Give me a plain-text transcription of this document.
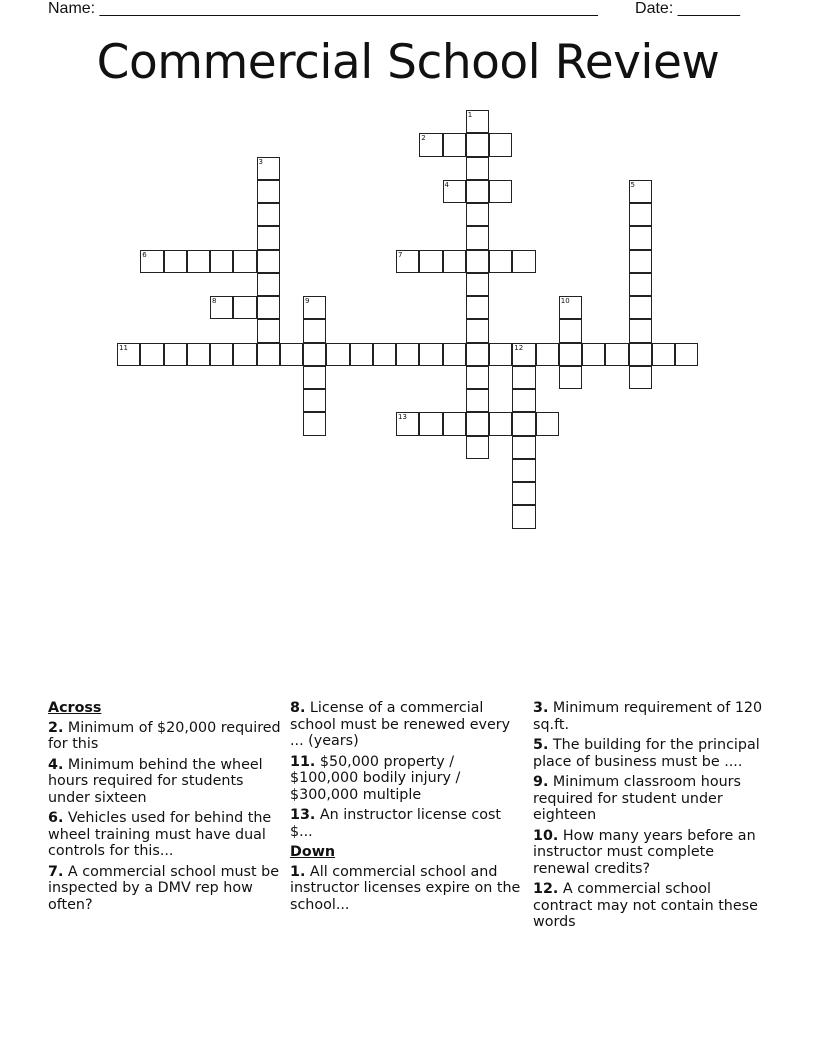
Name: ________________________________________________________ Date: _______
Commercial School Review
1
2
3
4	5
6	7
8	9	10
11	12
13
Across
2. Minimum of $20,000 required for this
4. Minimum behind the wheel hours required for students under sixteen
6. Vehicles used for behind the wheel training must have dual controls for this...
7. A commercial school must be inspected by a DMV rep how often?
8. License of a commercial school must be renewed every ... (years)
11. $50,000 property / $100,000 bodily injury / $300,000 multiple
13. An instructor license cost $...
Down
1. All commercial school and instructor licenses expire on the school...
3. Minimum requirement of 120 sq.ft.
5. The building for the principal place of business must be ....
9. Minimum classroom hours required for student under eighteen
10. How many years before an instructor must complete renewal credits?
12. A commercial school contract may not contain these words
